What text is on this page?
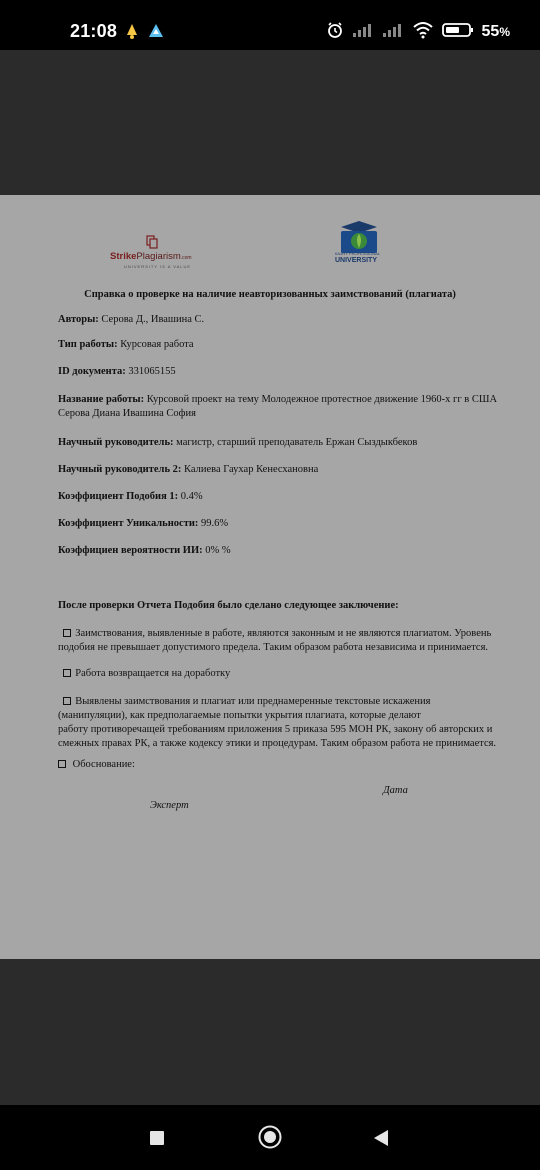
21:08	55%
StrikePlagiarism.com
UNIVERSITY IS A VALUE
КАЗНУ PROFESSIONAL
UNIVERSITY
Справка о проверке на наличие неавторизованных заимствований (плагиата)
Авторы: Серова Д., Ивашина С.
Тип работы: Курсовая работа
ID документа: 331065155
Название работы: Курсовой проект на тему Молодежное протестное движение 1960-х гг в США
Серова Диана Ивашина София
Научный руководитель: магистр, старший преподаватель Ержан Сыздыкбеков
Научный руководитель 2: Калиева Гаухар Кенесхановна
Коэффициент Подобия 1: 0.4%
Коэффициент Уникальности: 99.6%
Коэффициен вероятности ИИ: 0% %
После проверки Отчета Подобия было сделано следующее заключение:
Заимствования, выявленные в работе, являются законным и не являются плагиатом. Уровень
подобия не превышает допустимого предела. Таким образом работа независима и принимается.
Работа возвращается на доработку
Выявлены заимствования и плагиат или преднамеренные текстовые искажения
(манипуляции), как предполагаемые попытки укрытия плагиата, которые делают
работу противоречащей требованиям приложения 5 приказа 595 МОН РК, закону об авторских и
смежных правах РК, а также кодексу этики и процедурам. Таким образом работа не принимается.
Обоснование:
Дата
Эксперт
